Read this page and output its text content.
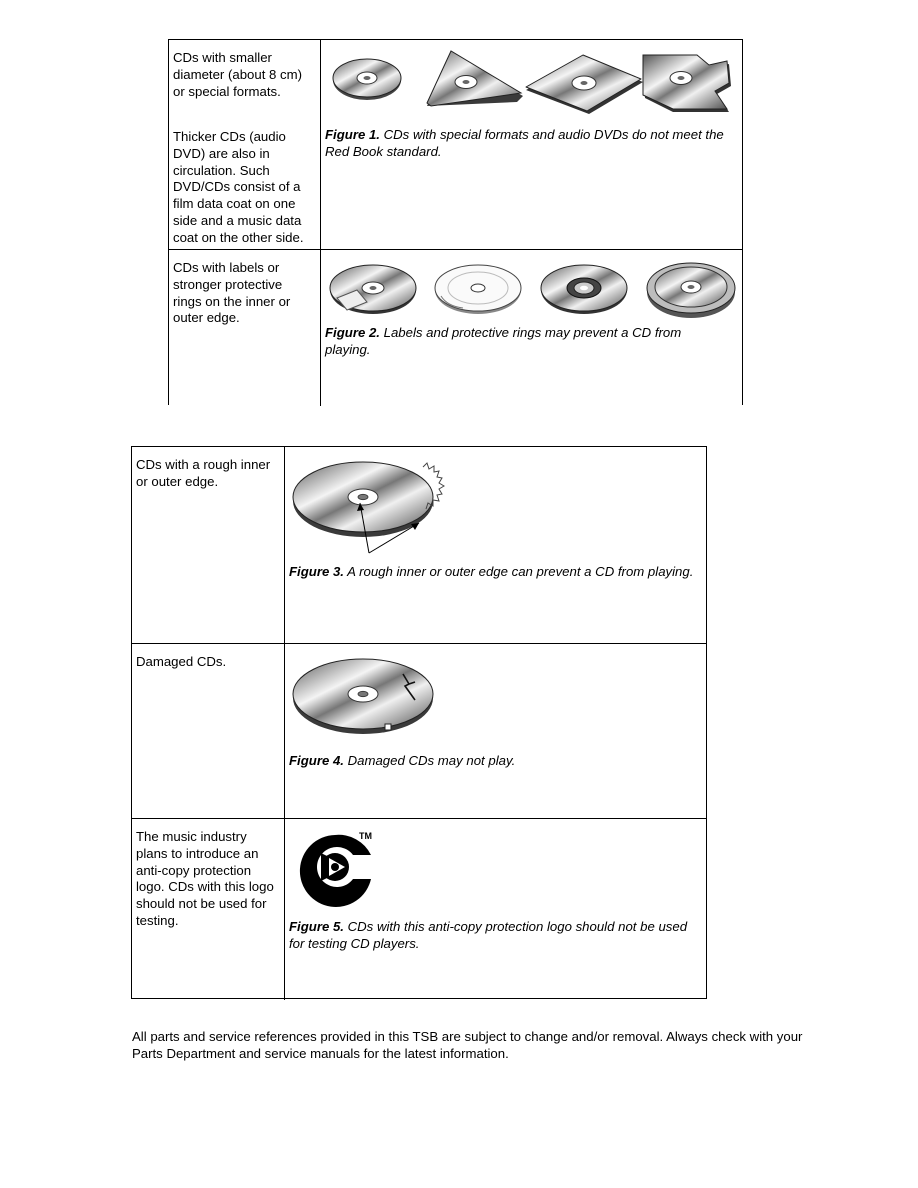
CDs with smaller diameter (about 8 cm) or special formats.

Thicker CDs (audio DVD) are also in circulation. Such DVD/CDs consist of a film data coat on one side and a music data coat on the other side.

Figure 1. CDs with special formats and audio DVDs do not meet the Red Book standard.

CDs with labels or stronger protective rings on the inner or outer edge.

Figure 2. Labels and protective rings may prevent a CD from playing.

CDs with a rough inner or outer edge.

Figure 3. A rough inner or outer edge can prevent a CD from playing.

Damaged CDs.

Figure 4. Damaged CDs may not play.

The music industry plans to introduce an anti-copy protection logo. CDs with this logo should not be used for testing.

TM

Figure 5. CDs with this anti-copy protection logo should not be used for testing CD players.

All parts and service references provided in this TSB are subject to change and/or removal. Always check with your Parts Department and service manuals for the latest information.
